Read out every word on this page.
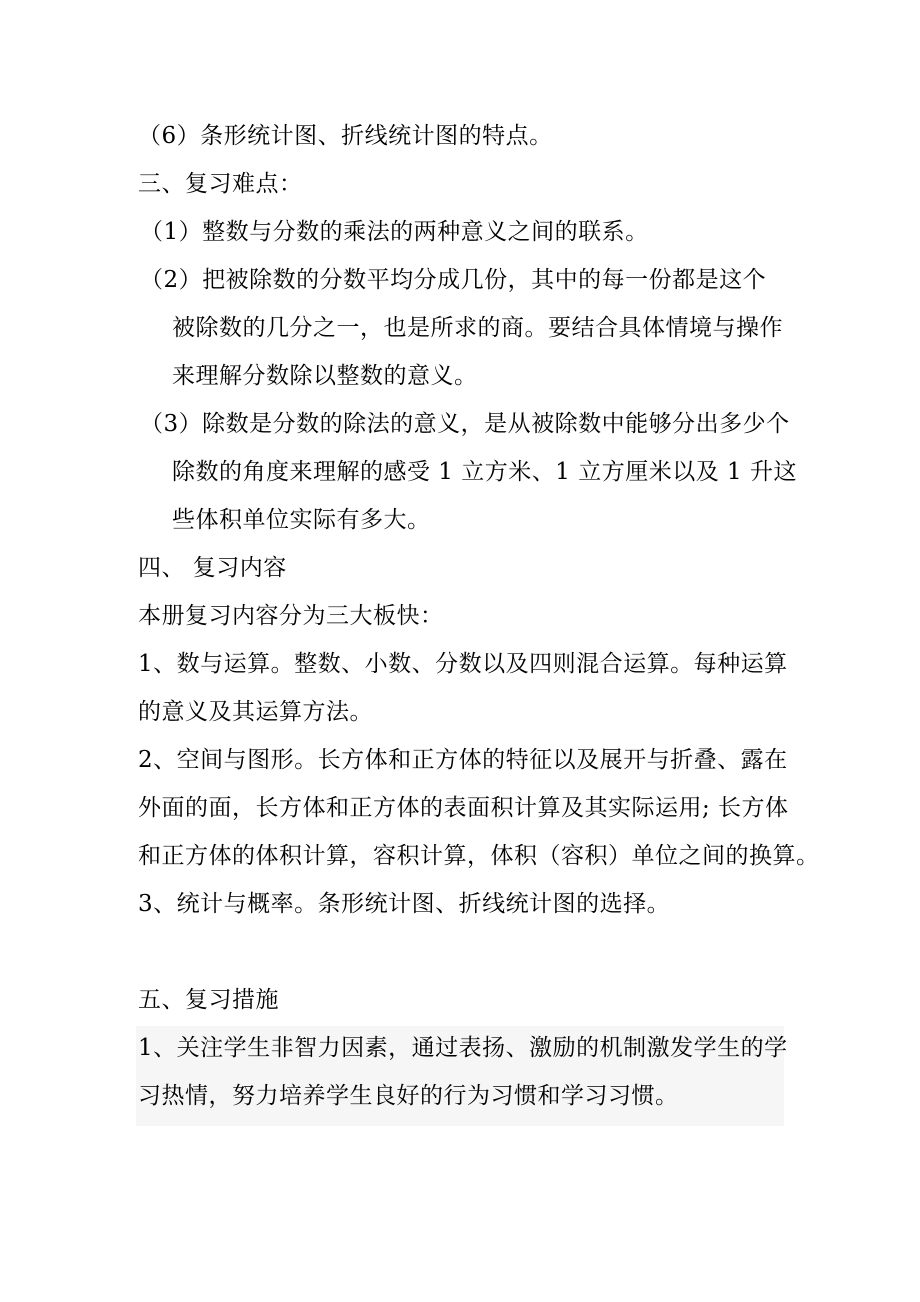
（6）条形统计图、折线统计图的特点。
三、复习难点：
（1）整数与分数的乘法的两种意义之间的联系。
（2）把被除数的分数平均分成几份，其中的每一份都是这个
被除数的几分之一，也是所求的商。要结合具体情境与操作
来理解分数除以整数的意义。
（3）除数是分数的除法的意义，是从被除数中能够分出多少个
除数的角度来理解的感受 1 立方米、1 立方厘米以及 1 升这
些体积单位实际有多大。
四、 复习内容
本册复习内容分为三大板快：
1、数与运算。整数、小数、分数以及四则混合运算。每种运算
的意义及其运算方法。
2、空间与图形。长方体和正方体的特征以及展开与折叠、露在
外面的面，长方体和正方体的表面积计算及其实际运用; 长方体
和正方体的体积计算，容积计算，体积（容积）单位之间的换算。
3、统计与概率。条形统计图、折线统计图的选择。
五、复习措施
1、关注学生非智力因素，通过表扬、激励的机制激发学生的学
习热情，努力培养学生良好的行为习惯和学习习惯。
